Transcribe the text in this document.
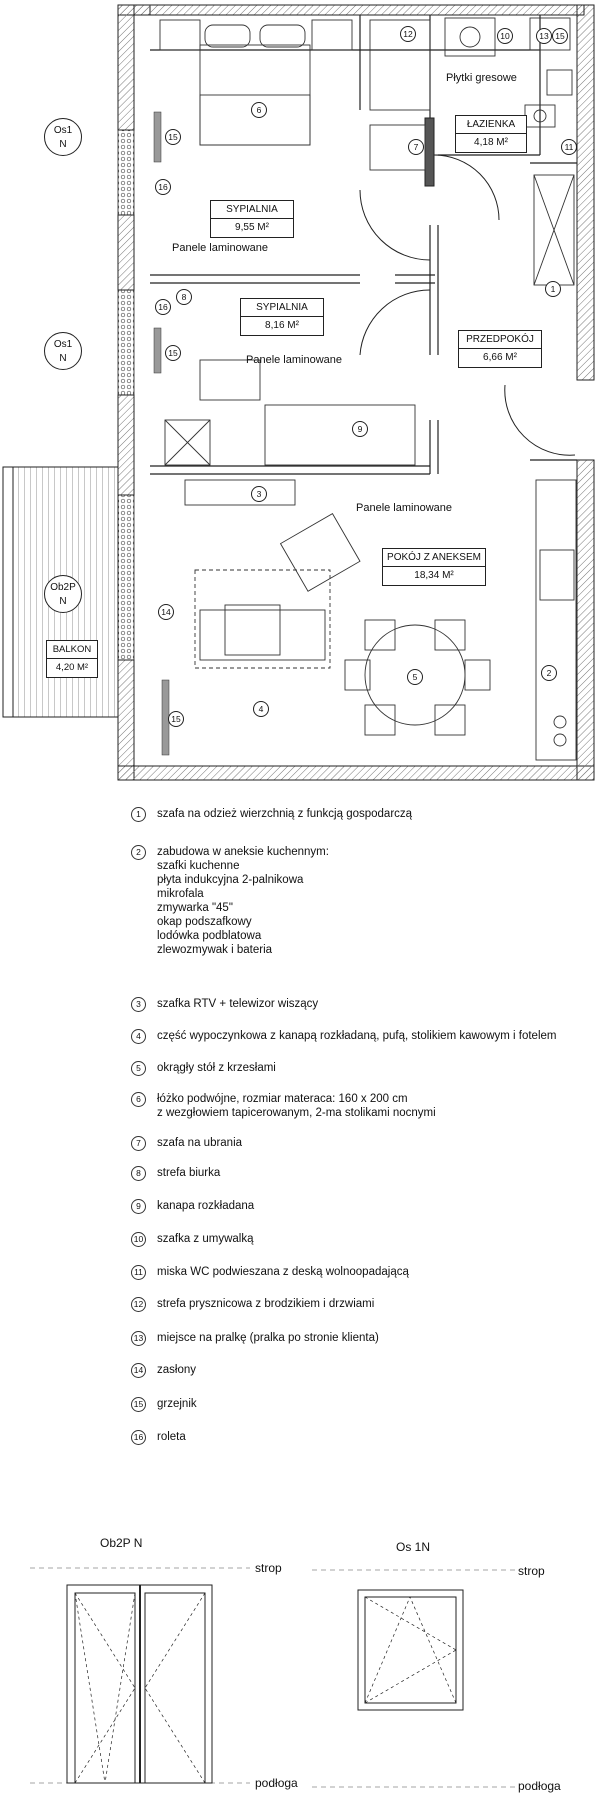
SYPIALNIA
9,55 M²
SYPIALNIA
8,16 M²
ŁAZIENKA
4,18 M²
PRZEDPOKÓJ
6,66 M²
POKÓJ Z ANEKSEM
18,34 M²
BALKON
4,20 M²
Płytki gresowe
Panele laminowane
Panele laminowane
Panele laminowane
Os1
N
Os1
N
Ob2P
N
1
2
3
4
5
6
7
8
9
10
11
12	13
14
15
15
15
15
16
16
1	szafa na odzież wierzchnią z funkcją gospodarczą
2	zabudowa w aneksie kuchennym:
szafki kuchenne
płyta indukcyjna 2-palnikowa
mikrofala
zmywarka "45"
okap podszafkowy
lodówka podblatowa
zlewozmywak i bateria
3	szafka RTV + telewizor wiszący
4	część wypoczynkowa z kanapą rozkładaną, pufą, stolikiem kawowym i fotelem
5	okrągły stół z krzesłami
6	łóżko podwójne, rozmiar materaca: 160 x 200 cm
z wezgłowiem tapicerowanym, 2-ma stolikami nocnymi
7	szafa na ubrania
8	strefa biurka
9	kanapa rozkładana
10 szafka z umywalką
11 miska WC podwieszana z deską wolnoopadającą
12 strefa prysznicowa z brodzikiem i drzwiami
13 miejsce na pralkę (pralka po stronie klienta)
14 zasłony
15 grzejnik
16 roleta
Ob2P N
strop
podłoga
Os 1N
strop
podłoga
